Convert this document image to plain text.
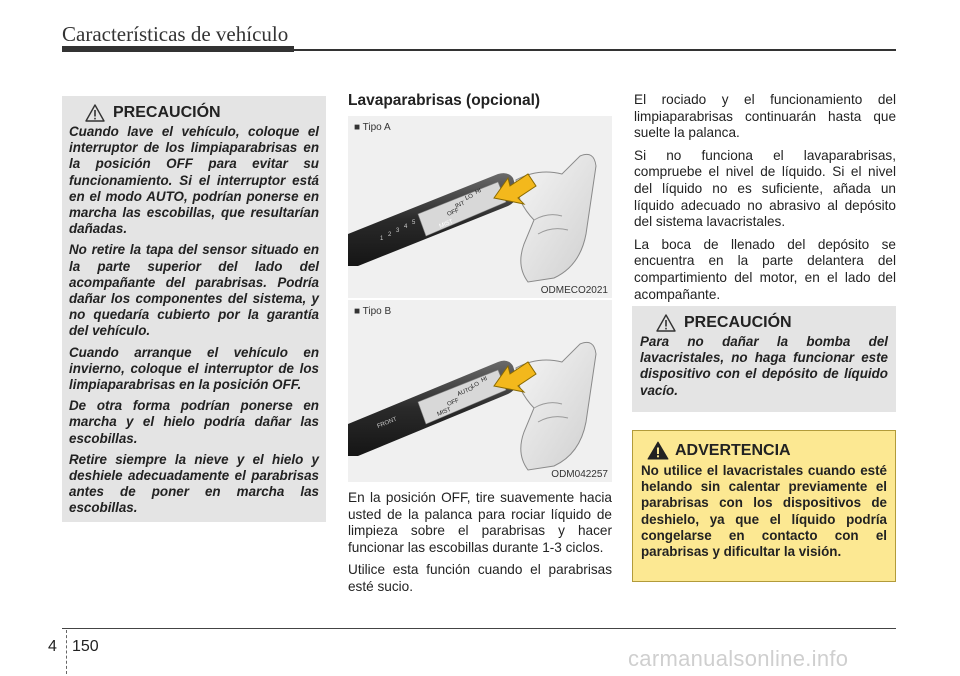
Características de vehículo
PRECAUCIÓN

Cuando lave el vehículo, coloque el interruptor de los limpiaparabrisas en la posición OFF para evitar su funcionamiento. Si el interruptor está en el modo AUTO, podrían ponerse en marcha las escobillas, que resultarían dañadas.

No retire la tapa del sensor situado en la parte superior del lado del acompañante del parabrisas. Podría dañar los componentes del sistema, y no quedaría cubierto por la garantía del vehículo.

Cuando arranque el vehículo en invierno, coloque el interruptor de los limpiaparabrisas en la posición OFF.

De otra forma podrían ponerse en marcha y el hielo podría dañar las escobillas.

Retire siempre la nieve y el hielo y deshiele adecuadamente el parabrisas antes de poner en marcha las escobillas.

Lavaparabrisas (opcional)
■ Tipo A
ODMECO2021
MIST
OFF
INT
LO
HI
1
2
3
4
5
■ Tipo B
ODM042257
MIST
OFF
AUTO
LO
HI
FRONT

En la posición OFF, tire suavemente hacia usted de la palanca para rociar líquido de limpieza sobre el parabrisas y hacer funcionar las escobillas durante 1-3 ciclos.

Utilice esta función cuando el parabrisas esté sucio.

El rociado y el funcionamiento del limpiaparabrisas continuarán hasta que suelte la palanca.

Si no funciona el lavaparabrisas, compruebe el nivel de líquido. Si el nivel del líquido no es suficiente, añada un líquido adecuado no abrasivo al depósito del sistema lavacristales.

La boca de llenado del depósito se encuentra en la parte delantera del compartimiento del motor, en el lado del acompañante.

PRECAUCIÓN

Para no dañar la bomba del lavacristales, no haga funcionar este dispositivo con el depósito de líquido vacío.

ADVERTENCIA

No utilice el lavacristales cuando esté helando sin calentar previamente el parabrisas con los dispositivos de deshielo, ya que el líquido podría congelarse en contacto con el parabrisas y dificultar la visión.

4 150	carmanualsonline.info
